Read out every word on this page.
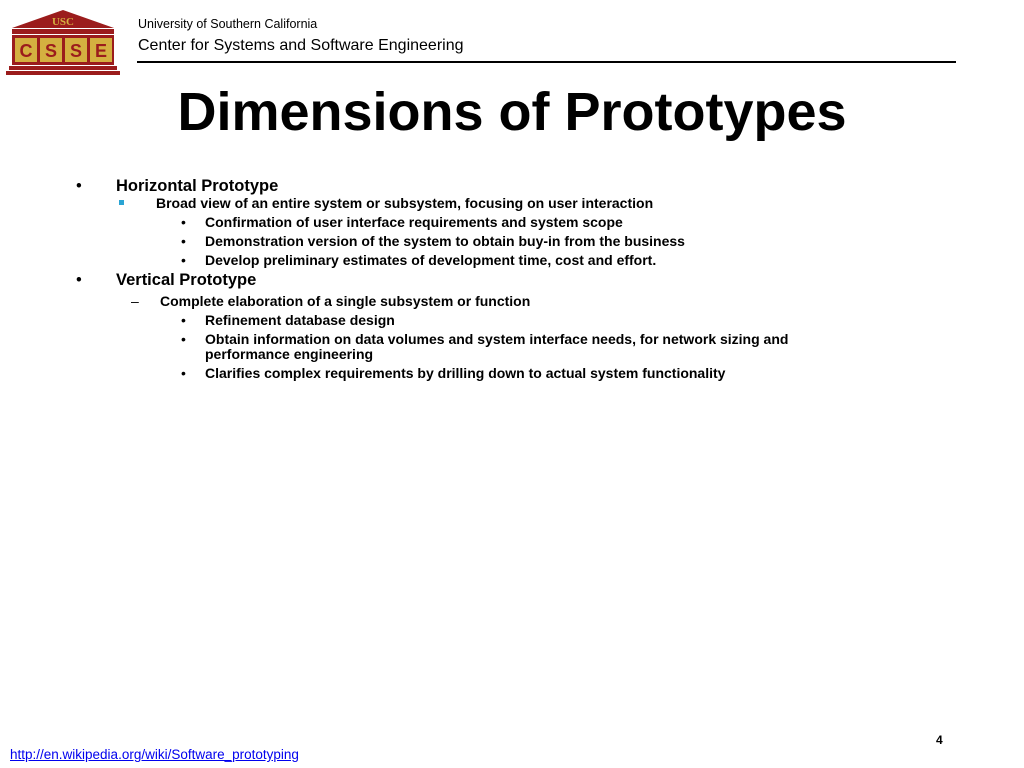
USC
C S S E
University of Southern California
Center for Systems and Software Engineering
Dimensions of Prototypes
• Horizontal Prototype
Broad view of an entire system or subsystem, focusing on user interaction
• Confirmation of user interface requirements and system scope
• Demonstration version of the system to obtain buy-in from the business
• Develop preliminary estimates of development time, cost and effort.
• Vertical Prototype
– Complete elaboration of a single subsystem or function
• Refinement database design
• Obtain information on data volumes and system interface needs, for network sizing and
performance engineering
• Clarifies complex requirements by drilling down to actual system functionality
4
http://en.wikipedia.org/wiki/Software_prototyping
